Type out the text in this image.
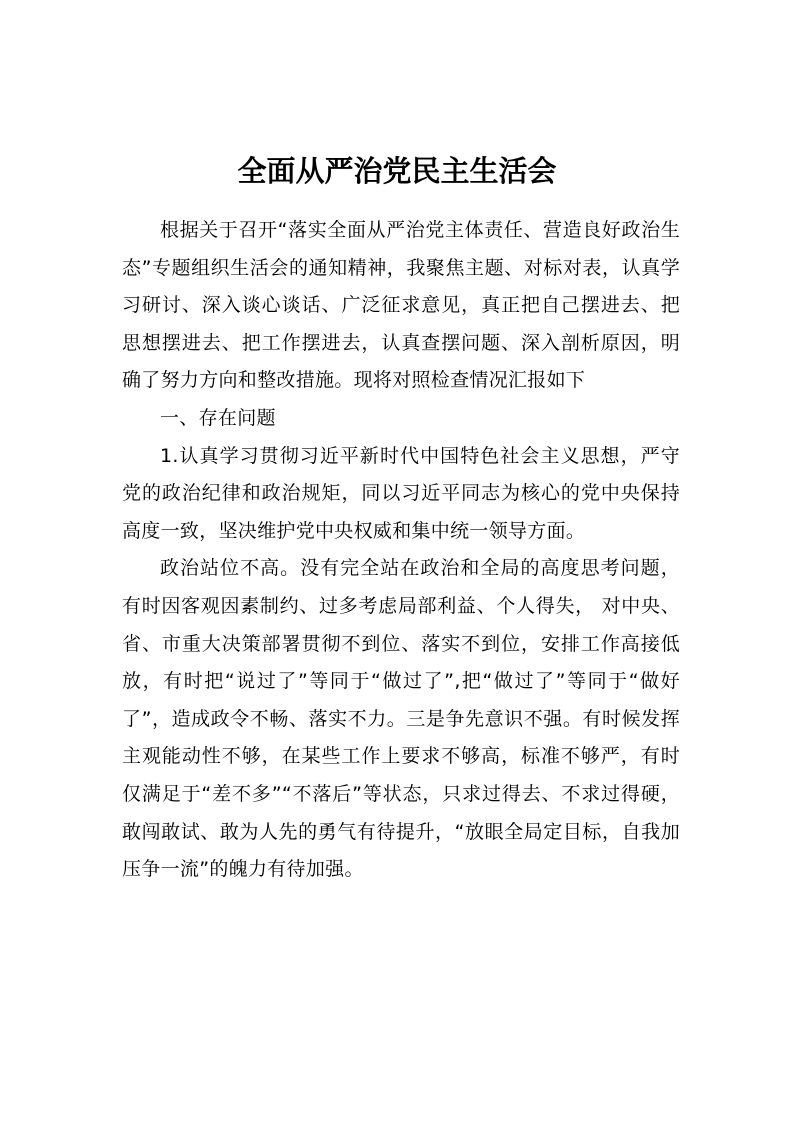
全面从严治党民主生活会

根据关于召开“落实全面从严治党主体责任、营造良好政治生态”专题组织生活会的通知精神，我聚焦主题、对标对表，认真学习研讨、深入谈心谈话、广泛征求意见，真正把自己摆进去、把思想摆进去、把工作摆进去，认真查摆问题、深入剖析原因，明确了努力方向和整改措施。现将对照检查情况汇报如下

一、存在问题

1.认真学习贯彻习近平新时代中国特色社会主义思想，严守党的政治纪律和政治规矩，同以习近平同志为核心的党中央保持高度一致，坚决维护党中央权威和集中统一领导方面。

政治站位不高。没有完全站在政治和全局的高度思考问题，有时因客观因素制约、过多考虑局部利益、个人得失， 对中央、省、市重大决策部署贯彻不到位、落实不到位，安排工作高接低放，有时把“说过了”等同于“做过了”,把“做过了”等同于“做好了”，造成政令不畅、落实不力。三是争先意识不强。有时候发挥主观能动性不够，在某些工作上要求不够高，标准不够严，有时仅满足于“差不多”“不落后”等状态，只求过得去、不求过得硬，敢闯敢试、敢为人先的勇气有待提升，“放眼全局定目标，自我加压争一流”的魄力有待加强。
